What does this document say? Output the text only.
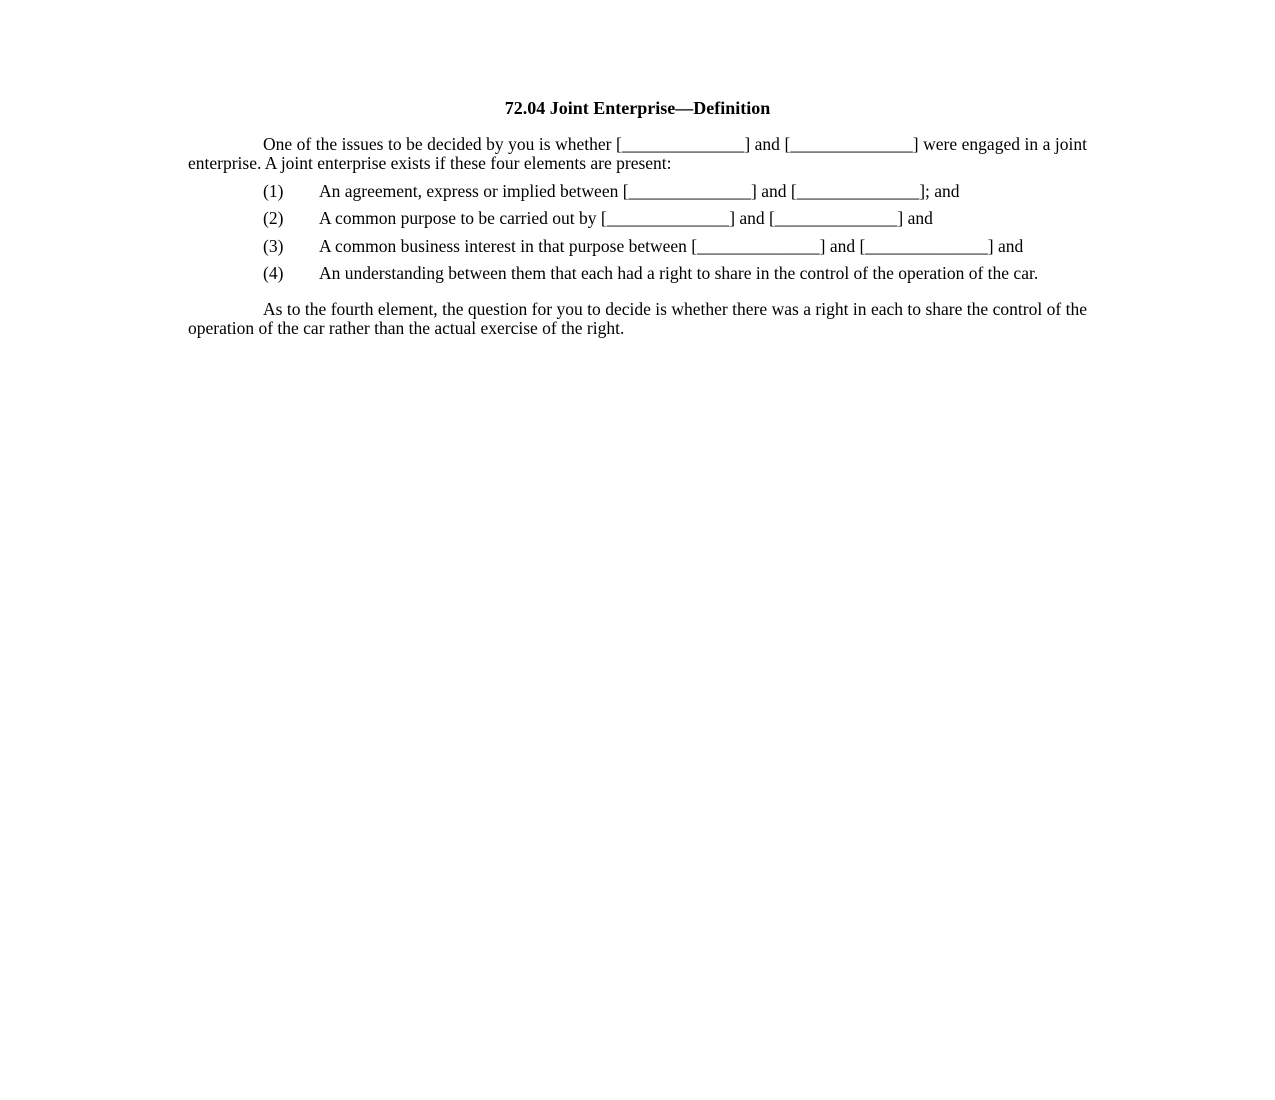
72.04 Joint Enterprise—Definition

One of the issues to be decided by you is whether [______________] and [______________] were engaged in a joint enterprise. A joint enterprise exists if these four elements are present:

(1)	An agreement, express or implied between [______________] and [______________]; and
(2)	A common purpose to be carried out by [______________] and [______________] and
(3)	A common business interest in that purpose between [______________] and [______________] and
(4)	An understanding between them that each had a right to share in the control of the operation of the car.

As to the fourth element, the question for you to decide is whether there was a right in each to share the control of the operation of the car rather than the actual exercise of the right.
